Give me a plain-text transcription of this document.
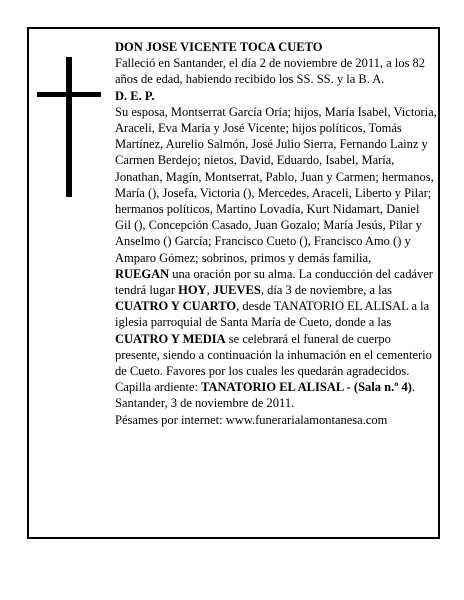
DON JOSE VICENTE TOCA CUETO

Falleció en Santander, el día 2 de noviembre de 2011, a los 82 años de edad, habiendo recibido los SS. SS. y la B. A.

D. E. P.

Su esposa, Montserrat García Oría; hijos, María Isabel, Victoria, Araceli, Eva María y José Vicente; hijos políticos, Tomás Martínez, Aurelio Salmón, José Julio Sierra, Fernando Lainz y Carmen Berdejo; nietos, David, Eduardo, Isabel, María, Jonathan, Magín, Montserrat, Pablo, Juan y Carmen; hermanos, María (), Josefa, Victoria (), Mercedes, Araceli, Liberto y Pilar; hermanos políticos, Martino Lovadía, Kurt Nidamart, Daniel Gil (), Concepción Casado, Juan Gozalo; María Jesús, Pilar y Anselmo () García; Francisco Cueto (), Francisco Amo () y Amparo Gómez; sobrinos, primos y demás familia,

RUEGAN una oración por su alma. La conducción del cadáver tendrá lugar HOY, JUEVES, día 3 de noviembre, a las CUATRO Y CUARTO, desde TANATORIO EL ALISAL a la iglesia parroquial de Santa María de Cueto, donde a las CUATRO Y MEDIA se celebrará el funeral de cuerpo presente, siendo a continuación la inhumación en el cementerio de Cueto. Favores por los cuales les quedarán agradecidos. Capilla ardiente: TANATORIO EL ALISAL - (Sala n.º 4).

Santander, 3 de noviembre de 2011.

Pésames por internet: www.funerarialamontanesa.com
